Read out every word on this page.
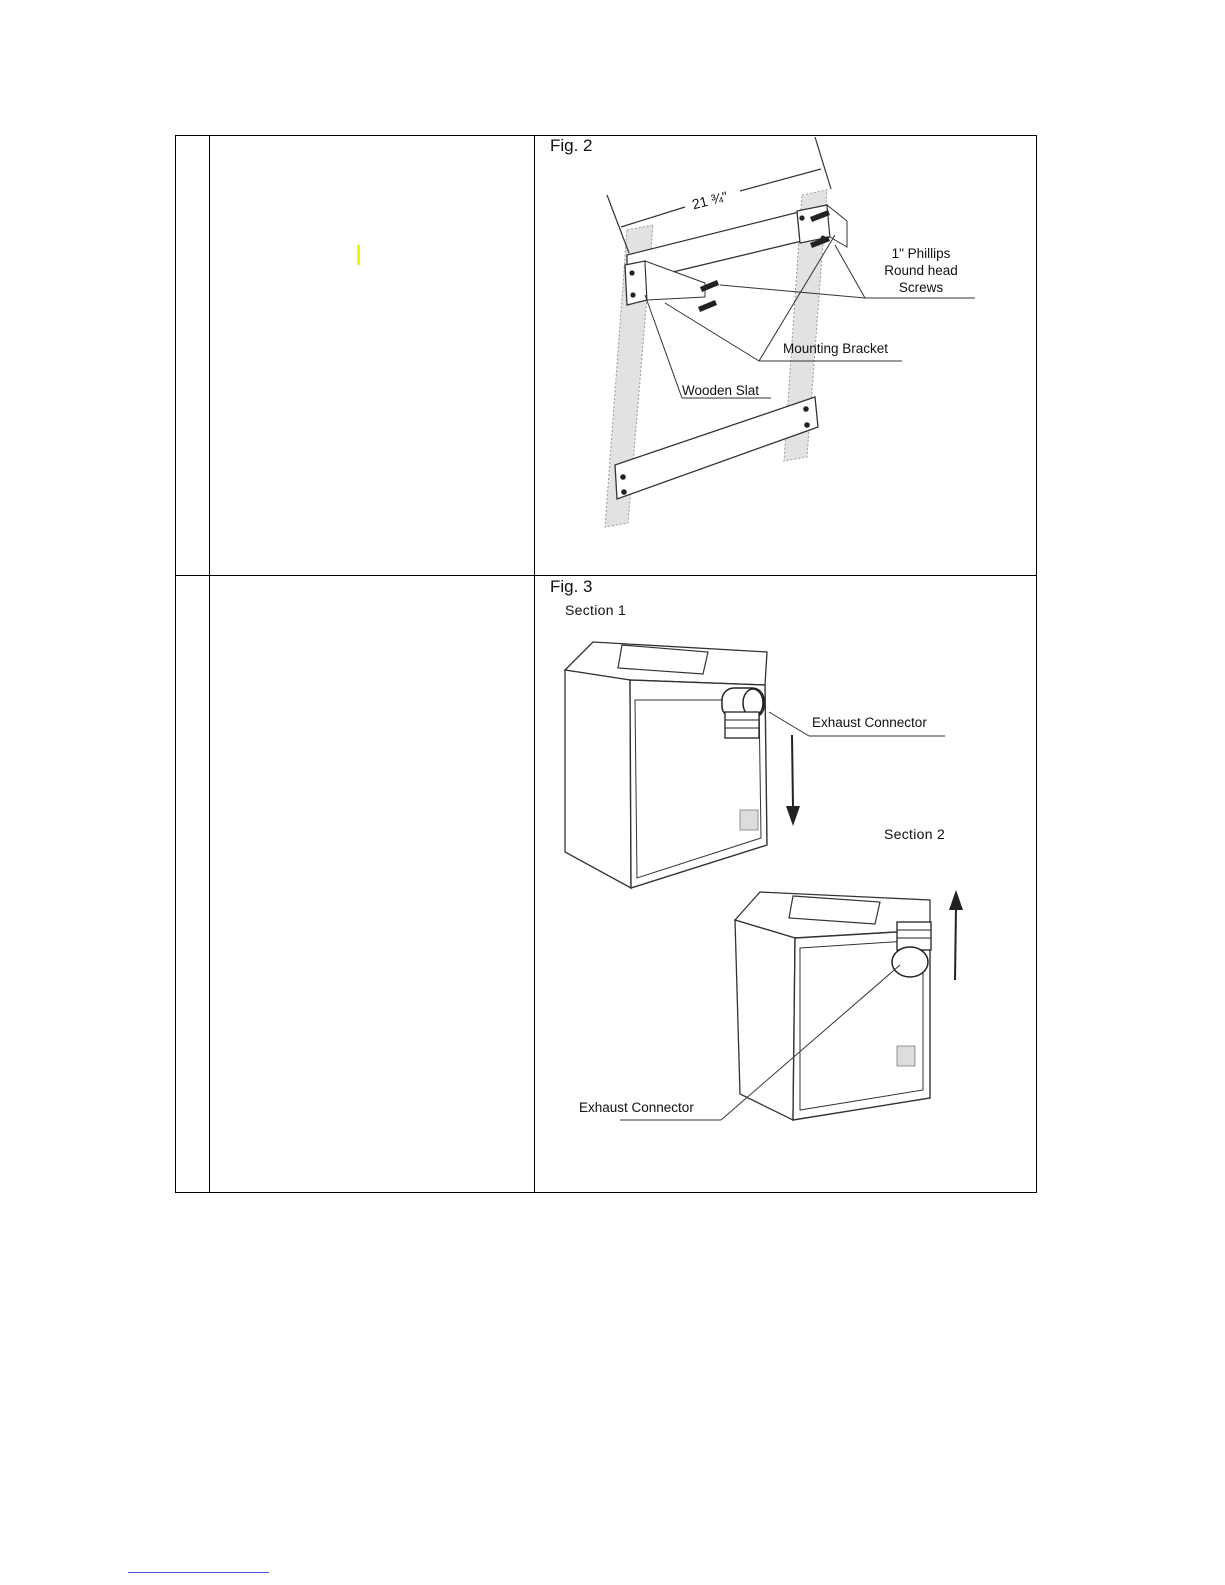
Fig. 2
21 ¾"
1" Phillips
Round head
Screws
Mounting Bracket
Wooden Slat
Fig. 3
Section 1
Section 2
Exhaust Connector
Exhaust Connector
